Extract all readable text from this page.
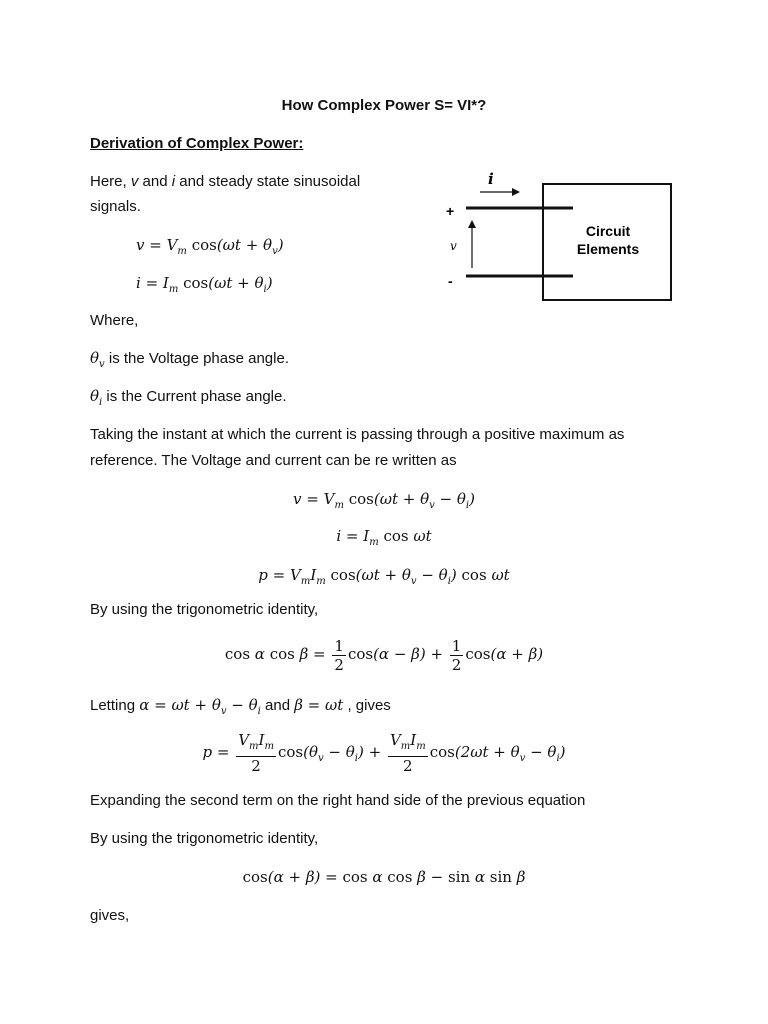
How Complex Power S= VI*?
Derivation of Complex Power:
Here, v and i and steady state sinusoidal
signals.
$v = V_m$ $\cos(\omega t + \theta_v)$
$i = I_m$ $\cos(\omega t + \theta_i)$
i
+
-
v
Circuit
Elements
Where,
$\theta_v$ is the Voltage phase angle.
$\theta_i$ is the Current phase angle.
Taking the instant at which the current is passing through a positive maximum as
reference. The Voltage and current can be re written as
$v = V_m$ $\cos(\omega t + \theta_v - \theta_i)$
$i = I_m$ cos ωt
$p = V_mI_m$ $\cos(\omega t + \theta_v - \theta_i)$ cos ωt
By using the trigonometric identity,
cos α $\cos \beta = \frac{1}{2} \cos(\alpha - \beta) + \frac{1}{2} \cos(\alpha + \beta)$
Letting $\alpha = \omega t + \theta_v - \theta_i$ and β = ωt , gives
$p = \frac{V_mI_m}{2} \cos(\theta_v - \theta_i) + \frac{V_mI_m}{2} \cos(2\omega t + \theta_v - \theta_i)$
Expanding the second term on the right hand side of the previous equation
By using the trigonometric identity,
cos(α + β) = cos α cos β − sin α sin β
gives,
